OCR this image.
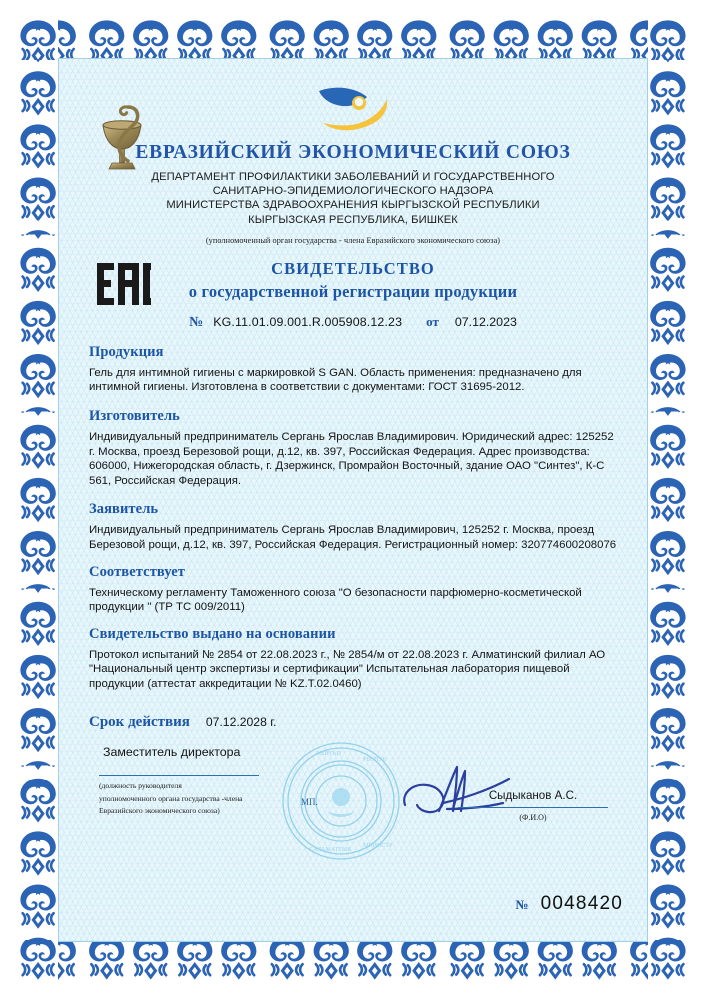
ЕВРАЗИЙСКИЙ ЭКОНОМИЧЕСКИЙ СОЮЗ
ДЕПАРТАМЕНТ ПРОФИЛАКТИКИ ЗАБОЛЕВАНИЙ И ГОСУДАРСТВЕННОГО
САНИТАРНО-ЭПИДЕМИОЛОГИЧЕСКОГО НАДЗОРА
МИНИСТЕРСТВА ЗДРАВООХРАНЕНИЯ КЫРГЫЗСКОЙ РЕСПУБЛИКИ
КЫРГЫЗСКАЯ РЕСПУБЛИКА, БИШКЕК
(уполномоченный орган государства - члена Евразийского экономического союза)
СВИДЕТЕЛЬСТВО
о государственной регистрации продукции
№ KG.11.01.09.001.R.005908.12.23 от 07.12.2023
Продукция
Гель для интимной гигиены с маркировкой S GAN. Область применения: предназначено для интимной гигиены. Изготовлена в соответствии с документами: ГОСТ 31695-2012.
Изготовитель
Индивидуальный предприниматель Сергань Ярослав Владимирович. Юридический адрес: 125252 г. Москва, проезд Березовой рощи, д.12, кв. 397, Российская Федерация. Адрес производства: 606000, Нижегородская область, г. Дзержинск, Промрайон Восточный, здание ОАО "Синтез", К-С 561, Российская Федерация.
Заявитель
Индивидуальный предприниматель Сергань Ярослав Владимирович, 125252 г. Москва, проезд Березовой рощи, д.12, кв. 397, Российская Федерация. Регистрационный номер: 320774600208076
Соответствует
Техническому регламенту Таможенного союза "О безопасности парфюмерно-косметической продукции " (ТР ТС 009/2011)
Свидетельство выдано на основании
Протокол испытаний № 2854 от 22.08.2023 г., № 2854/м от 22.08.2023 г. Алматинский филиал АО "Национальный центр экспертизы и сертификации" Испытательная лаборатория пищевой продукции (аттестат аккредитации № KZ.T.02.0460)
Срок действия 07.12.2028 г.
Заместитель директора
(должность руководителя
уполномоченного органа государства -члена
Евразийского экономического союза)
КЫРГЫЗ
РЕСПУБ
САЛАМАТТЫК
МИНИСТР
МП.	Сыдыканов А.С.
(Ф.И.О)
№ 0048420
